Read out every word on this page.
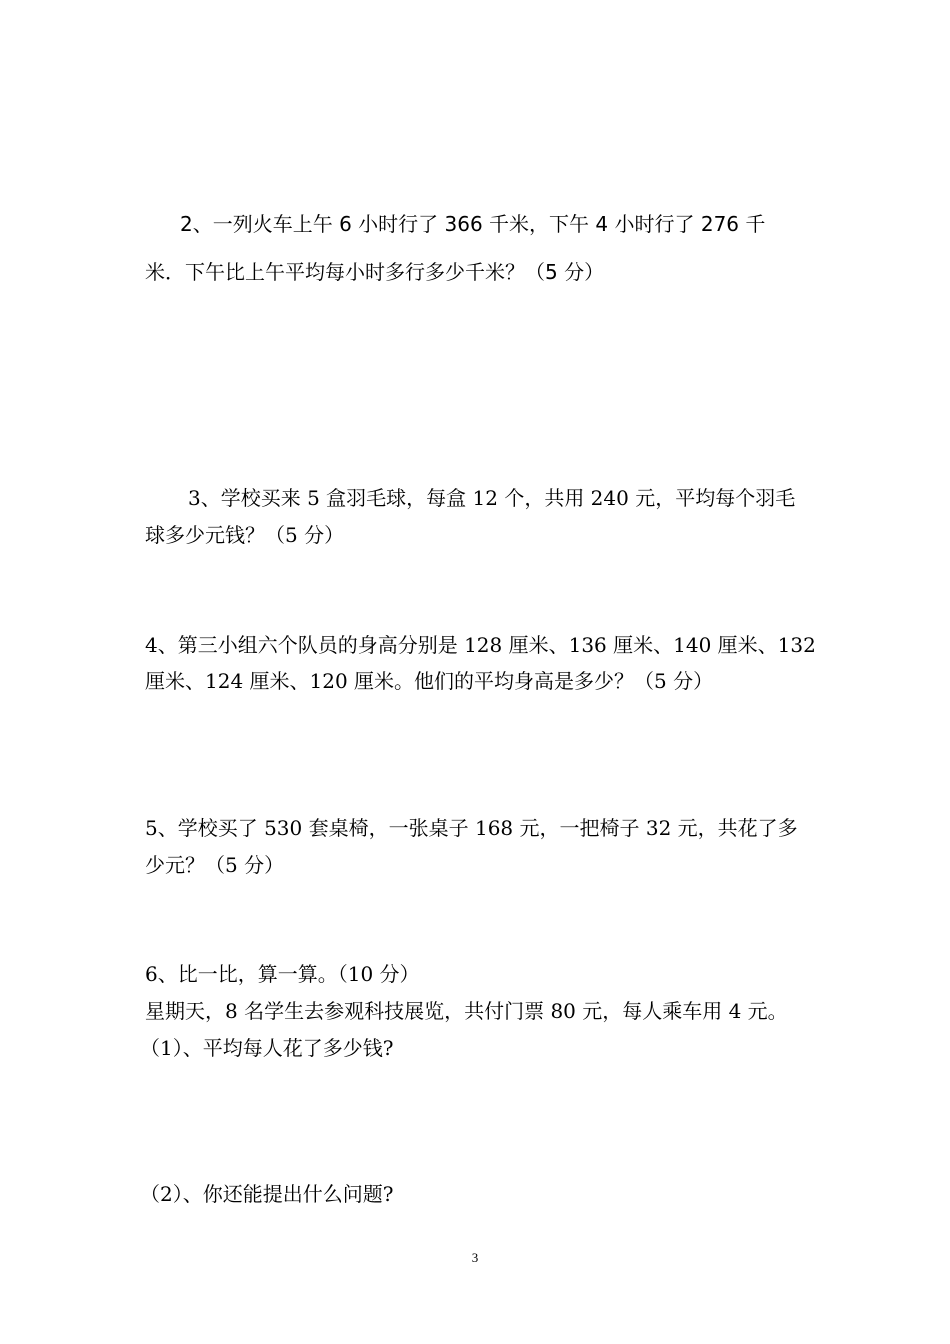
2、一列火车上午 6 小时行了 366 千米，下午 4 小时行了 276 千
米．下午比上午平均每小时多行多少千米？（5 分）
3、学校买来 5 盒羽毛球，每盒 12 个，共用 240 元，平均每个羽毛
球多少元钱？（5 分）
4、第三小组六个队员的身高分别是 128 厘米、136 厘米、140 厘米、132
厘米、124 厘米、120 厘米。他们的平均身高是多少？（5 分）
5、学校买了 530 套桌椅，一张桌子 168 元，一把椅子 32 元，共花了多
少元？（5 分）
6、比一比，算一算。（10 分）
星期天，8 名学生去参观科技展览，共付门票 80 元，每人乘车用 4 元。
（1）、平均每人花了多少钱?
（2）、你还能提出什么问题?
3
